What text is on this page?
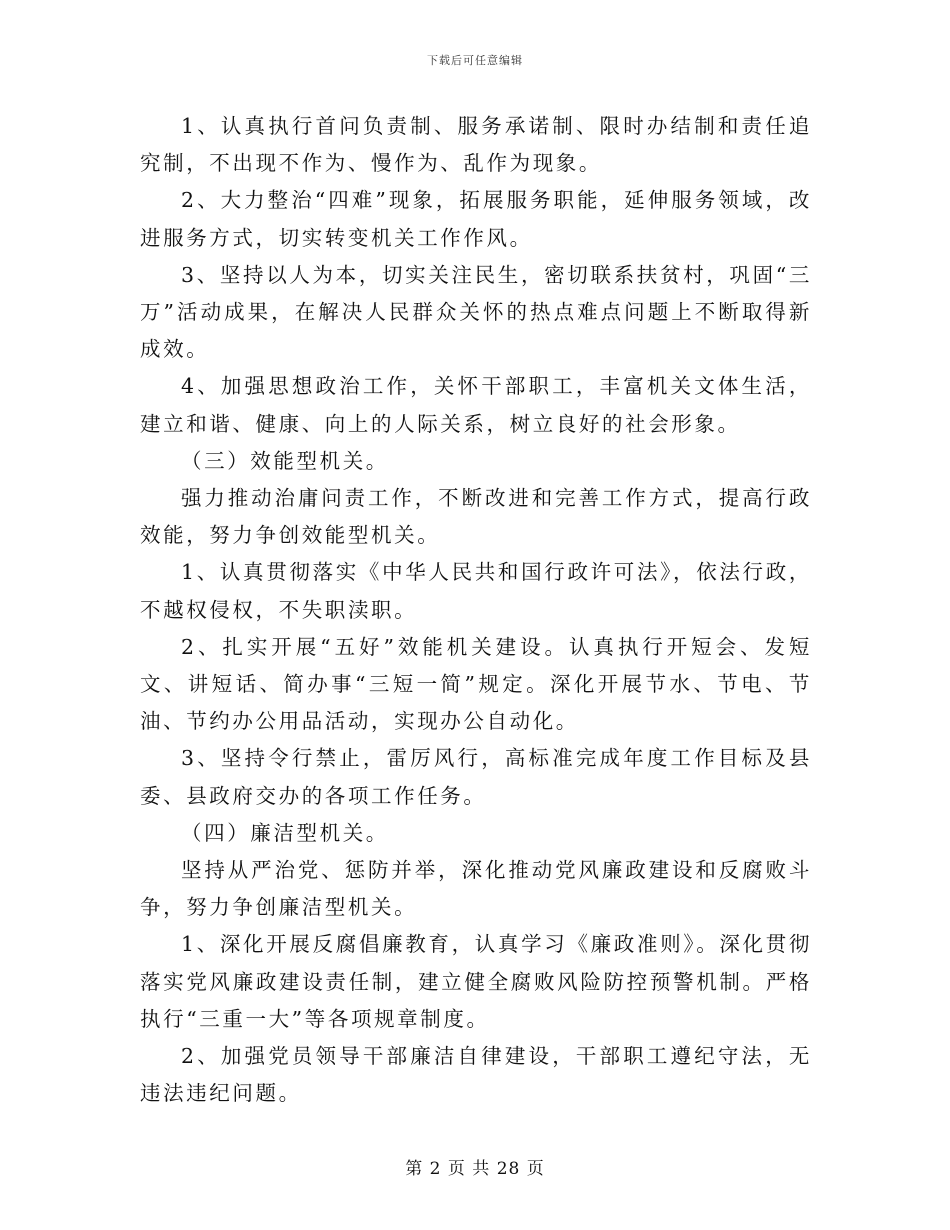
下载后可任意编辑

1、认真执行首问负责制、服务承诺制、限时办结制和责任追究制，不出现不作为、慢作为、乱作为现象。

2、大力整治“四难”现象，拓展服务职能，延伸服务领域，改进服务方式，切实转变机关工作作风。

3、坚持以人为本，切实关注民生，密切联系扶贫村，巩固“三万”活动成果，在解决人民群众关怀的热点难点问题上不断取得新成效。

4、加强思想政治工作，关怀干部职工，丰富机关文体生活，建立和谐、健康、向上的人际关系，树立良好的社会形象。

（三）效能型机关。

强力推动治庸问责工作，不断改进和完善工作方式，提高行政效能，努力争创效能型机关。

1、认真贯彻落实《中华人民共和国行政许可法》，依法行政，不越权侵权，不失职渎职。

2、扎实开展“五好”效能机关建设。认真执行开短会、发短文、讲短话、简办事“三短一简”规定。深化开展节水、节电、节油、节约办公用品活动，实现办公自动化。

3、坚持令行禁止，雷厉风行，高标准完成年度工作目标及县委、县政府交办的各项工作任务。

（四）廉洁型机关。

坚持从严治党、惩防并举，深化推动党风廉政建设和反腐败斗争，努力争创廉洁型机关。

1、深化开展反腐倡廉教育，认真学习《廉政准则》。深化贯彻落实党风廉政建设责任制，建立健全腐败风险防控预警机制。严格执行“三重一大”等各项规章制度。

2、加强党员领导干部廉洁自律建设，干部职工遵纪守法，无违法违纪问题。

第 2 页 共 28 页
